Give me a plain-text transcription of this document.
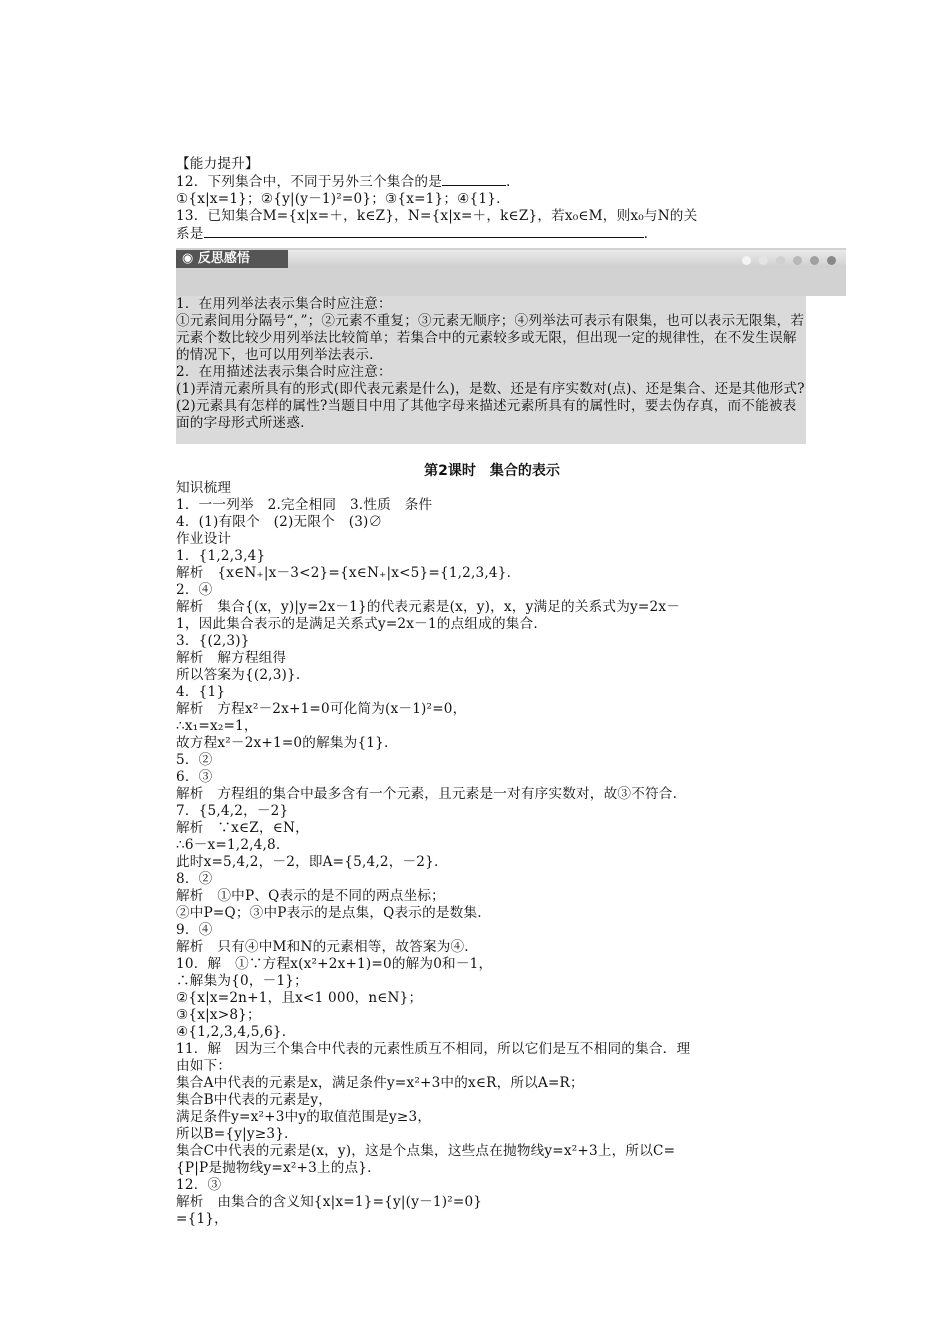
【能力提升】
12．下列集合中，不同于另外三个集合的是	.
①{x|x=1}；②{y|(y－1)²=0}；③{x=1}；④{1}.
13．已知集合M={x|x=＋，k∈Z}，N={x|x=＋，k∈Z}，若x₀∈M，则x₀与N的关
系是	.
◉ 反思感悟
1．在用列举法表示集合时应注意：
①元素间用分隔号“，”；②元素不重复；③元素无顺序；④列举法可表示有限集，也可以表示无限集，若元素个数比较少用列举法比较简单；若集合中的元素较多或无限，但出现一定的规律性，在不发生误解的情况下，也可以用列举法表示.
2．在用描述法表示集合时应注意：
(1)弄清元素所具有的形式(即代表元素是什么)，是数、还是有序实数对(点)、还是集合、还是其他形式?
(2)元素具有怎样的属性?当题目中用了其他字母来描述元素所具有的属性时，要去伪存真，而不能被表面的字母形式所迷惑.
第2课时　集合的表示
知识梳理
1．一一列举　2.完全相同　3.性质　条件
4．(1)有限个　(2)无限个　(3)∅
作业设计
1．{1,2,3,4}
解析　{x∈N₊|x－3<2}={x∈N₊|x<5}={1,2,3,4}.
2．④
解析　集合{(x，y)|y=2x－1}的代表元素是(x，y)，x，y满足的关系式为y=2x－
1，因此集合表示的是满足关系式y=2x－1的点组成的集合.
3．{(2,3)}
解析　解方程组得
所以答案为{(2,3)}.
4．{1}
解析　方程x²－2x+1=0可化简为(x－1)²=0，
∴x₁=x₂=1，
故方程x²－2x+1=0的解集为{1}.
5．②
6．③
解析　方程组的集合中最多含有一个元素，且元素是一对有序实数对，故③不符合.
7．{5,4,2，－2}
解析　∵x∈Z，∈N，
∴6－x=1,2,4,8.
此时x=5,4,2，－2，即A={5,4,2，－2}.
8．②
解析　①中P、Q表示的是不同的两点坐标；
②中P=Q；③中P表示的是点集，Q表示的是数集.
9．④
解析　只有④中M和N的元素相等，故答案为④.
10．解　①∵方程x(x²+2x+1)=0的解为0和－1，
∴解集为{0，－1}；
②{x|x=2n+1，且x<1 000，n∈N}；
③{x|x>8}；
④{1,2,3,4,5,6}.
11．解　因为三个集合中代表的元素性质互不相同，所以它们是互不相同的集合．理
由如下：
集合A中代表的元素是x，满足条件y=x²+3中的x∈R，所以A=R；
集合B中代表的元素是y，
满足条件y=x²+3中y的取值范围是y≥3，
所以B={y|y≥3}.
集合C中代表的元素是(x，y)，这是个点集，这些点在抛物线y=x²+3上，所以C=
{P|P是抛物线y=x²+3上的点}.
12．③
解析　由集合的含义知{x|x=1}={y|(y－1)²=0}
={1}，
